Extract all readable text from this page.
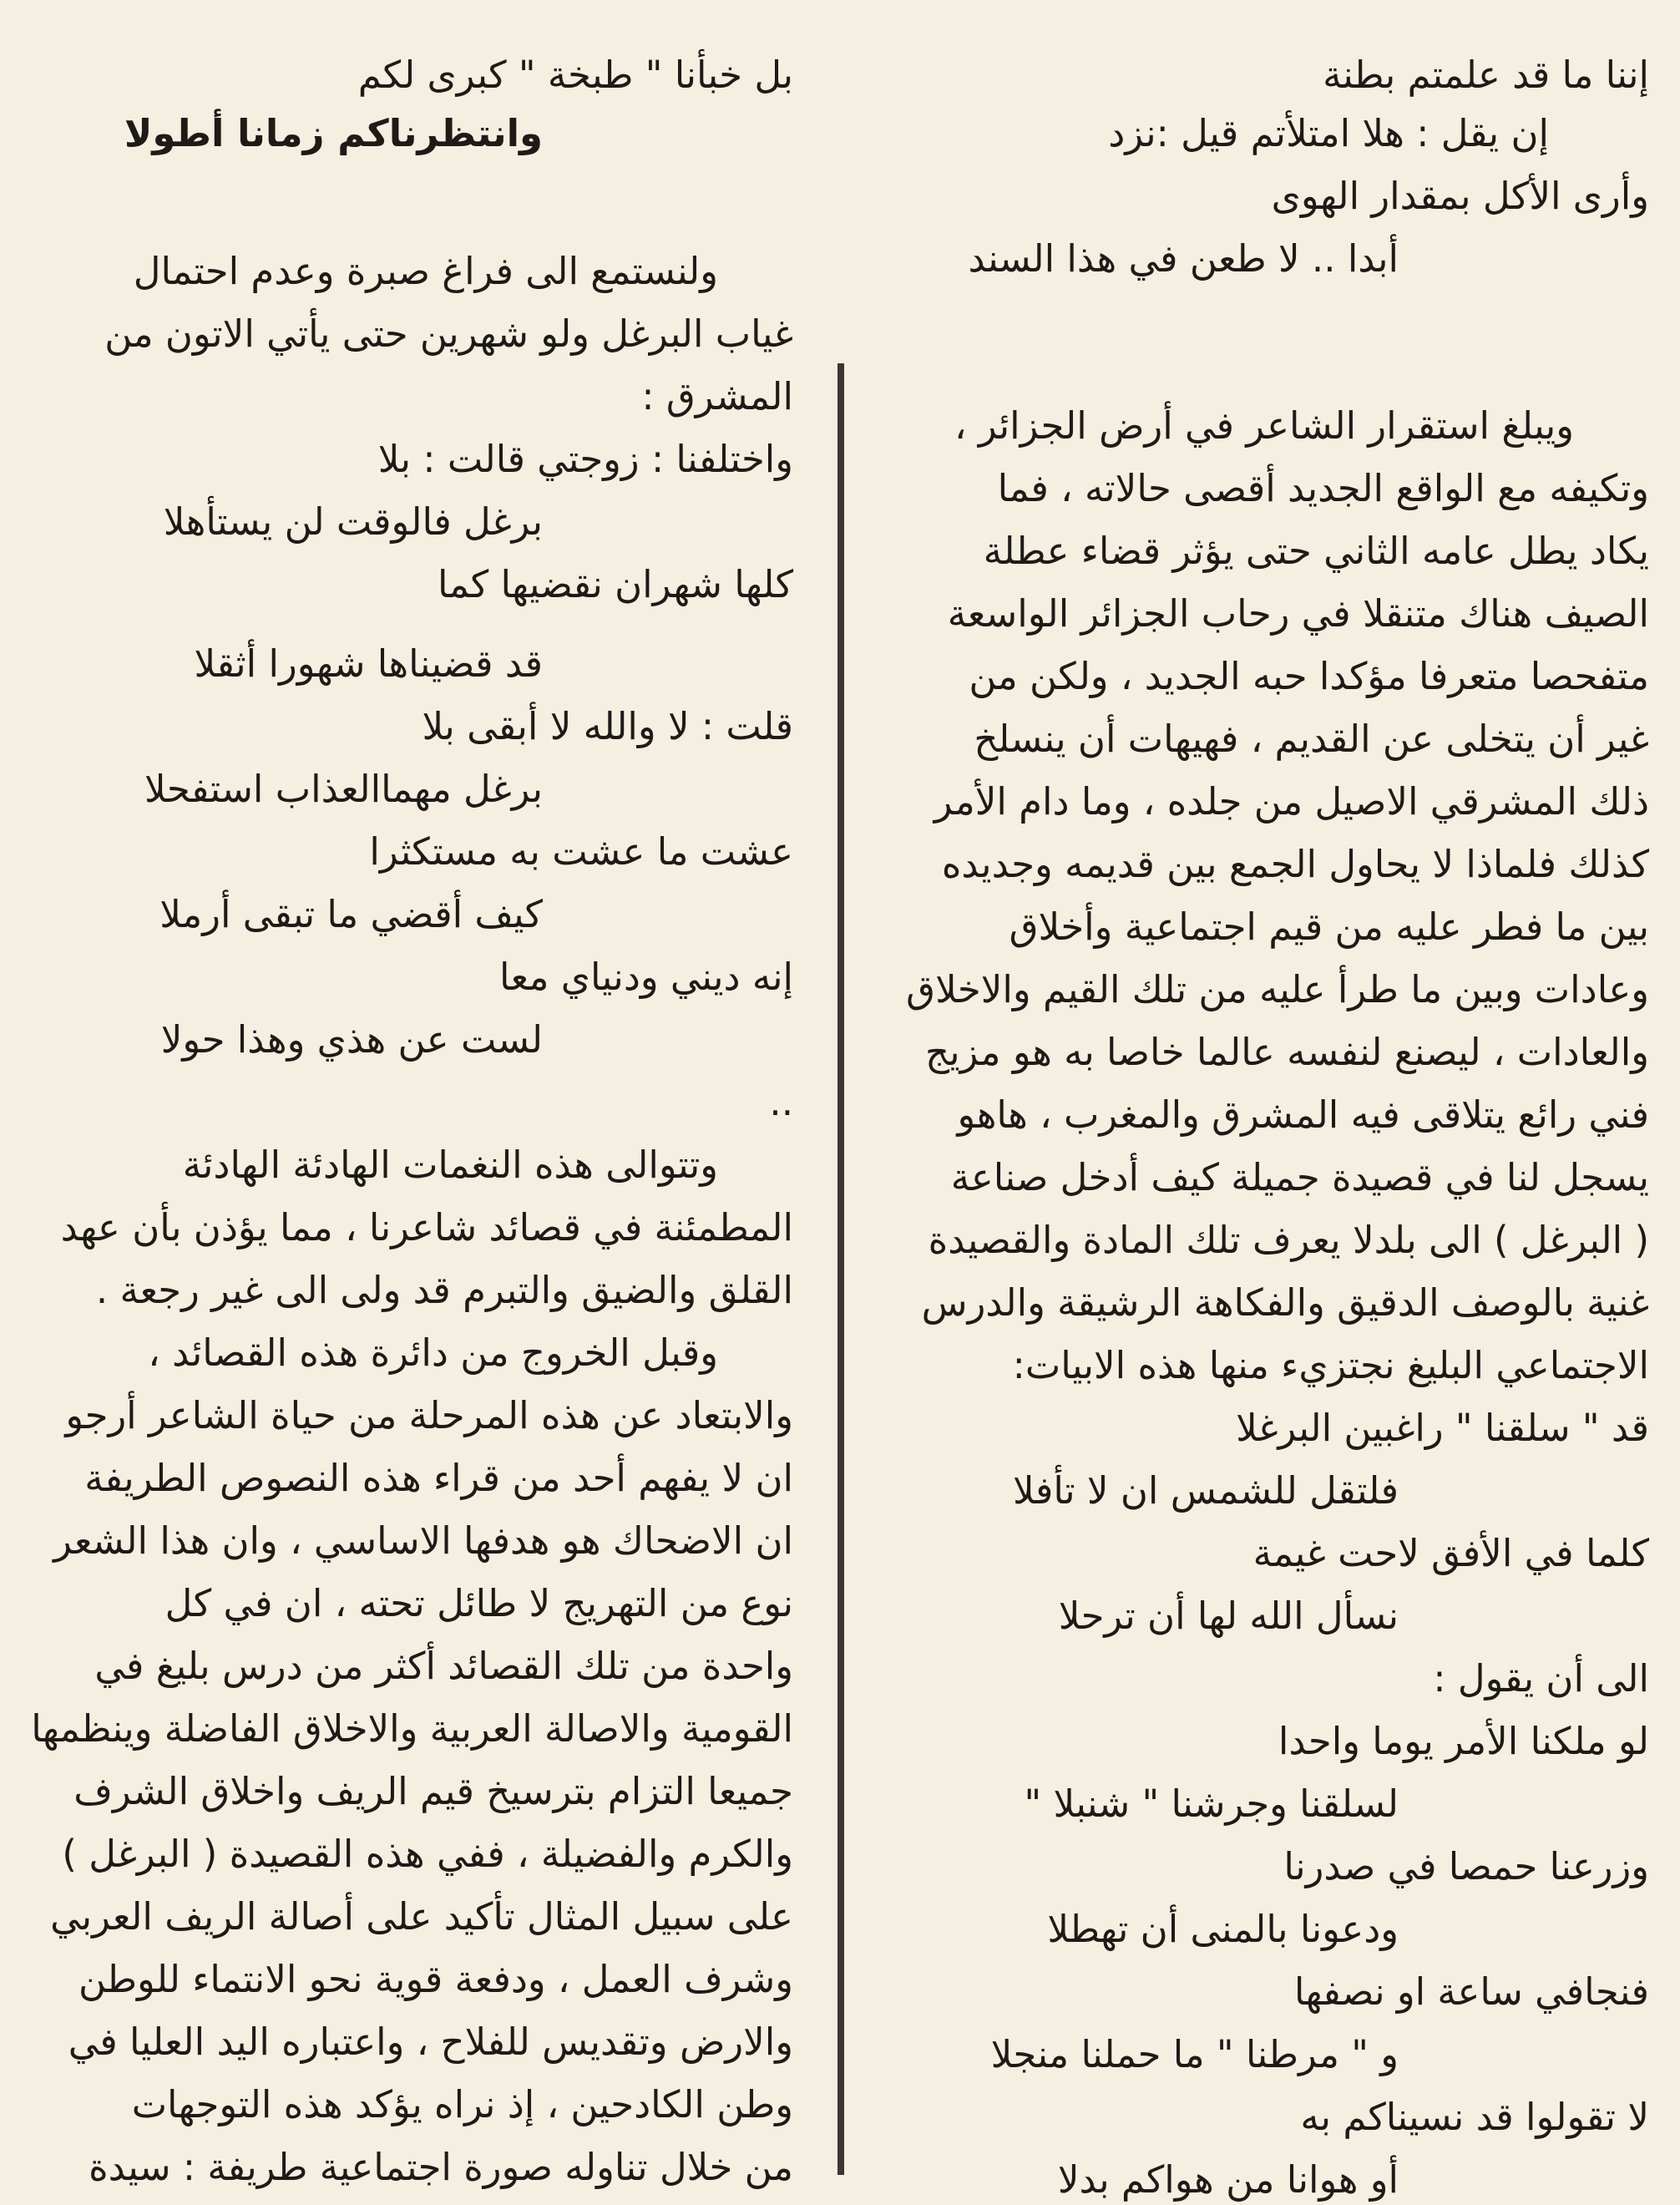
إننا ما قد علمتم بطنة
إن يقل : هلا امتلأتم قيل :نزد
وأرى الأكل بمقدار الهوى
أبدا .. لا طعن في هذا السند
ويبلغ استقرار الشاعر في أرض الجزائر ،
وتكيفه مع الواقع الجديد أقصى حالاته ، فما
يكاد يطل عامه الثاني حتى يؤثر قضاء عطلة
الصيف هناك متنقلا في رحاب الجزائر الواسعة
متفحصا متعرفا مؤكدا حبه الجديد ، ولكن من
غير أن يتخلى عن القديم ، فهيهات أن ينسلخ
ذلك المشرقي الاصيل من جلده ، وما دام الأمر
كذلك فلماذا لا يحاول الجمع بين قديمه وجديده
بين ما فطر عليه من قيم اجتماعية وأخلاق
وعادات وبين ما طرأ عليه من تلك القيم والاخلاق
والعادات ، ليصنع لنفسه عالما خاصا به هو مزيج
فني رائع يتلاقى فيه المشرق والمغرب ، هاهو
يسجل لنا في قصيدة جميلة كيف أدخل صناعة
( البرغل ) الى بلدلا يعرف تلك المادة والقصيدة
غنية بالوصف الدقيق والفكاهة الرشيقة والدرس
الاجتماعي البليغ نجتزيء منها هذه الابيات:
قد " سلقنا " راغبين البرغلا
فلتقل للشمس ان لا تأفلا
كلما في الأفق لاحت غيمة
نسأل الله لها أن ترحلا
الى أن يقول :
لو ملكنا الأمر يوما واحدا
لسلقنا وجرشنا " شنبلا "
وزرعنا حمصا في صدرنا
ودعونا بالمنى أن تهطلا
فنجافي ساعة او نصفها
و " مرطنا " ما حملنا منجلا
لا تقولوا قد نسيناكم به
أو هوانا من هواكم بدلا
بل خبأنا " طبخة " كبرى لكم
وانتظرناكم زمانا أطولا
ولنستمع الى فراغ صبرة وعدم احتمال
غياب البرغل ولو شهرين حتى يأتي الاتون من
المشرق :
واختلفنا : زوجتي قالت : بلا
برغل فالوقت لن يستأهلا
كلها شهران نقضيها كما
قد قضيناها شهورا أثقلا
قلت : لا والله لا أبقى بلا
برغل مهماالعذاب استفحلا
عشت ما عشت به مستكثرا
كيف أقضي ما تبقى أرملا
إنه ديني ودنياي معا
لست عن هذي وهذا حولا
..
وتتوالى هذه النغمات الهادئة الهادئة
المطمئنة في قصائد شاعرنا ، مما يؤذن بأن عهد
القلق والضيق والتبرم قد ولى الى غير رجعة .
وقبل الخروج من دائرة هذه القصائد ،
والابتعاد عن هذه المرحلة من حياة الشاعر أرجو
ان لا يفهم أحد من قراء هذه النصوص الطريفة
ان الاضحاك هو هدفها الاساسي ، وان هذا الشعر
نوع من التهريج لا طائل تحته ، ان في كل
واحدة من تلك القصائد أكثر من درس بليغ في
القومية والاصالة العربية والاخلاق الفاضلة وينظمها
جميعا التزام بترسيخ قيم الريف واخلاق الشرف
والكرم والفضيلة ، ففي هذه القصيدة ( البرغل )
على سبيل المثال تأكيد على أصالة الريف العربي
وشرف العمل ، ودفعة قوية نحو الانتماء للوطن
والارض وتقديس للفلاح ، واعتباره اليد العليا في
وطن الكادحين ، إذ نراه يؤكد هذه التوجهات
من خلال تناوله صورة اجتماعية طريفة : سيدة
